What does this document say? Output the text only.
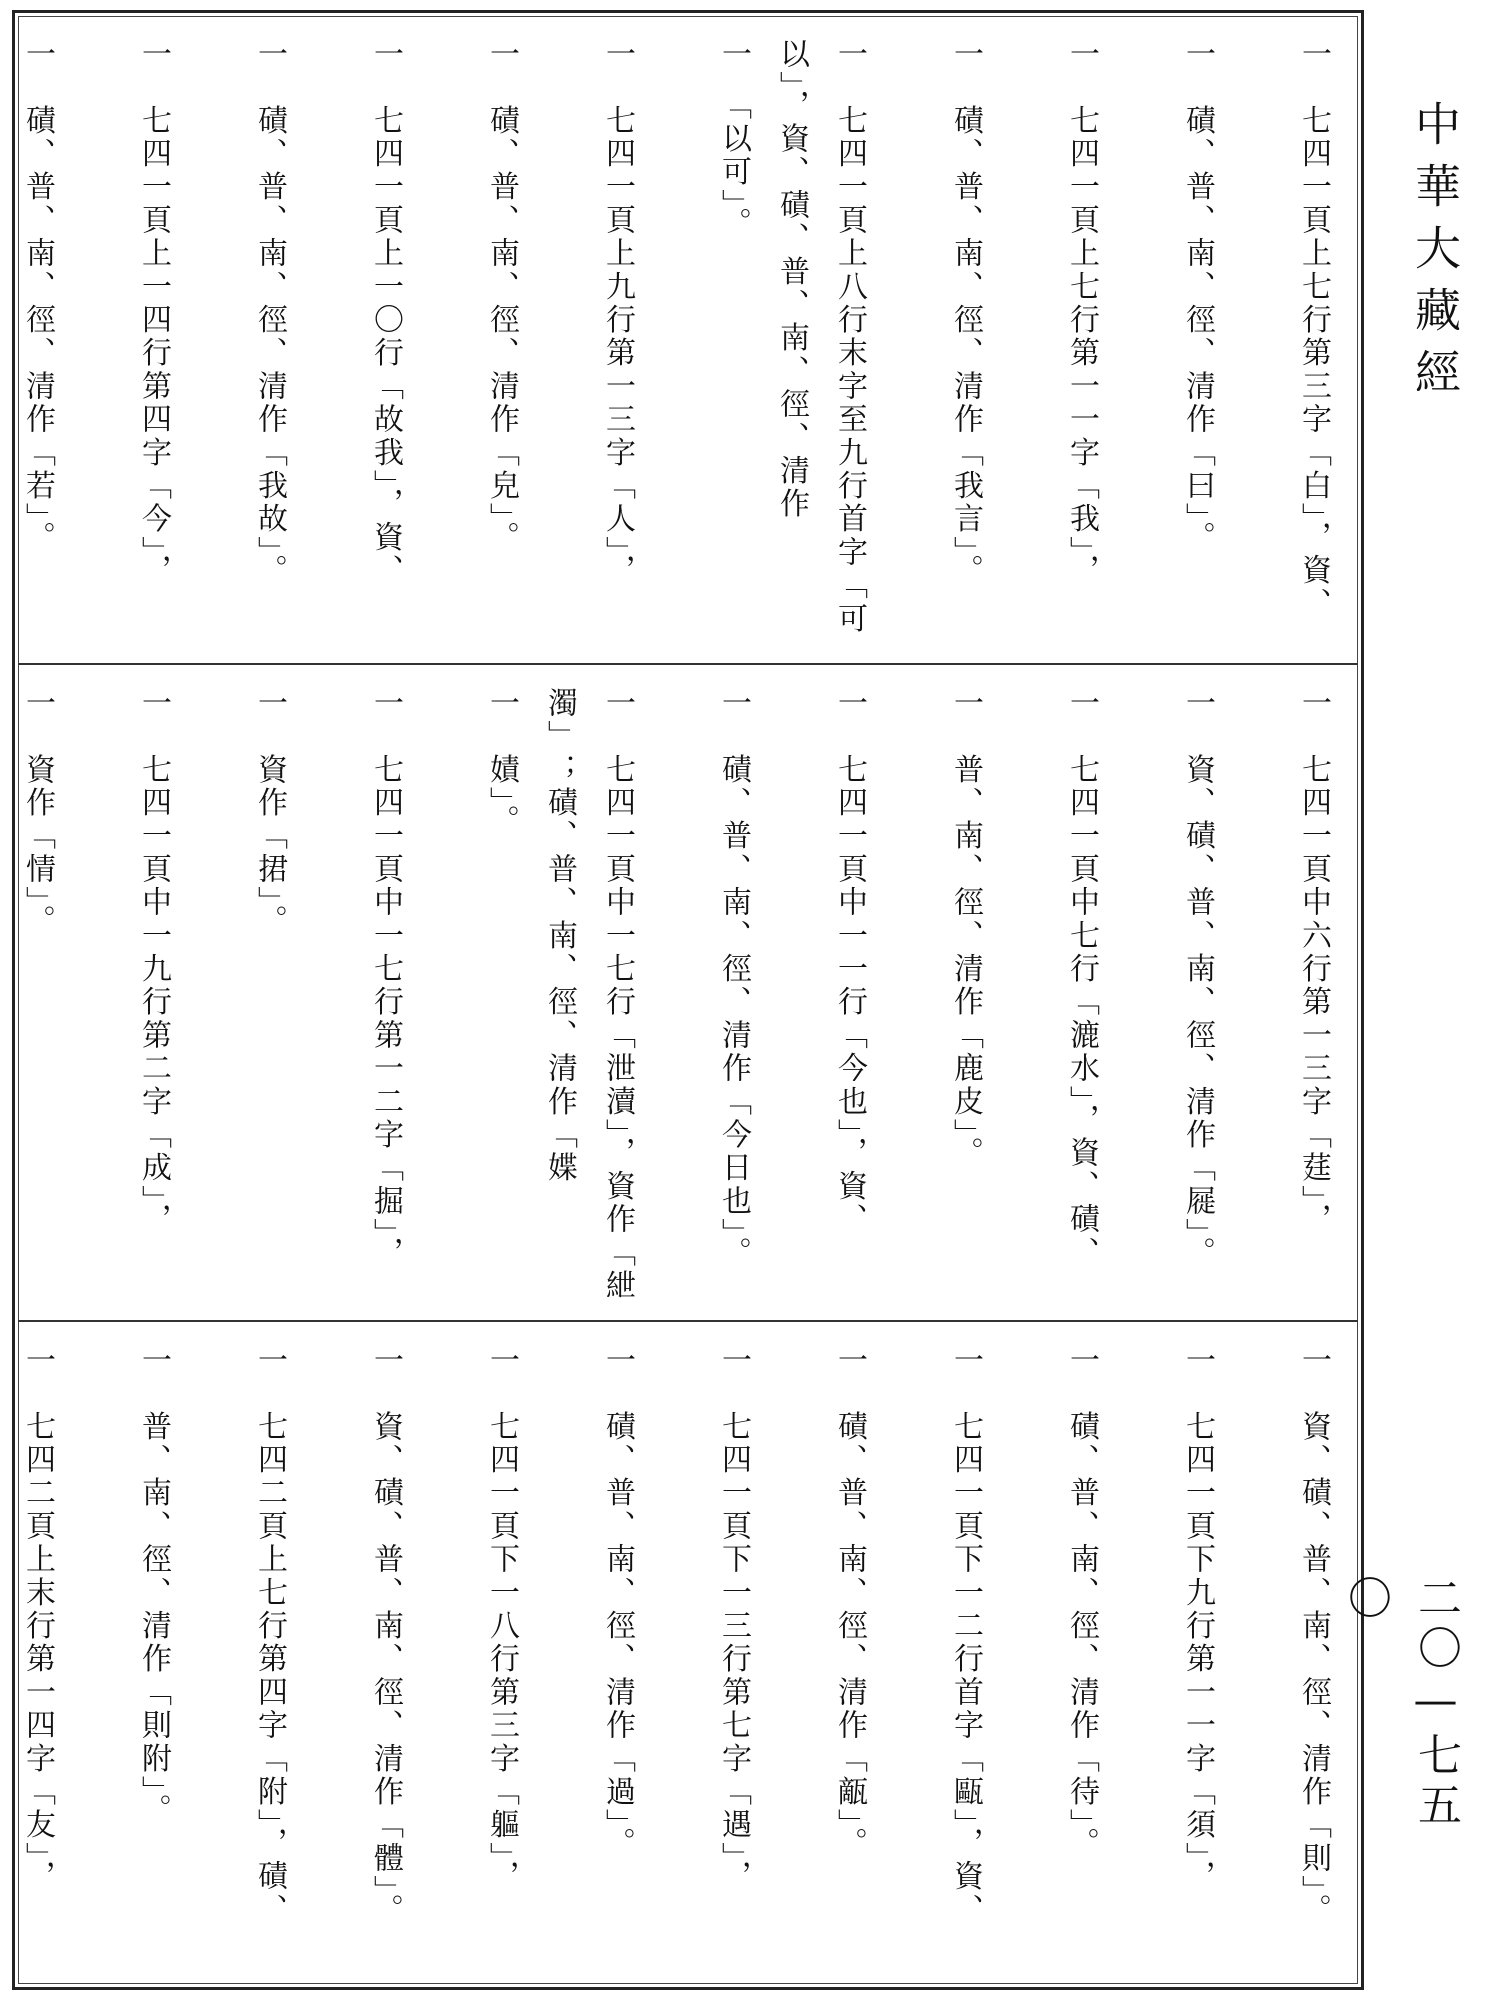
一　七四一頁上七行第三字「白」，資、
一　磧、普、南、徑、清作「曰」。
一　七四一頁上七行第一一字「我」，
一　磧、普、南、徑、清作「我言」。
一　七四一頁上八行末字至九行首字「可以」，資、磧、普、南、徑、清作
一　「以可」。
一　七四一頁上九行第一三字「人」，
一　磧、普、南、徑、清作「皃」。
一　七四一頁上一〇行「故我」，資、
一　磧、普、南、徑、清作「我故」。
一　七四一頁上一四行第四字「今」，
一　磧、普、南、徑、清作「若」。
一　七四一頁中六行第一三字「莛」，
一　資、磧、普、南、徑、清作「屣」。
一　七四一頁中七行「漉水」，資、磧、
一　普、南、徑、清作「鹿皮」。
一　七四一頁中一一行「今也」，資、
一　磧、普、南、徑、清作「今日也」。
一　七四一頁中一七行「泄瀆」，資作「紲濁」；磧、普、南、徑、清作「媟
一　嫧」。
一　七四一頁中一七行第一二字「掘」，
一　資作「捃」。
一　七四一頁中一九行第二字「成」，
一　資作「情」。
一　資、磧、普、南、徑、清作「則」。
一　七四一頁下九行第一一字「須」，
一　磧、普、南、徑、清作「待」。
一　七四一頁下一二行首字「甌」，資、
一　磧、普、南、徑、清作「甋」。
一　七四一頁下一三行第七字「遇」，
一　磧、普、南、徑、清作「過」。
一　七四一頁下一八行第三字「軀」，
一　資、磧、普、南、徑、清作「體」。
一　七四二頁上七行第四字「附」，磧、
一　普、南、徑、清作「則附」。
一　七四二頁上末行第一四字「友」，
中華大藏經
二〇—七五〇
